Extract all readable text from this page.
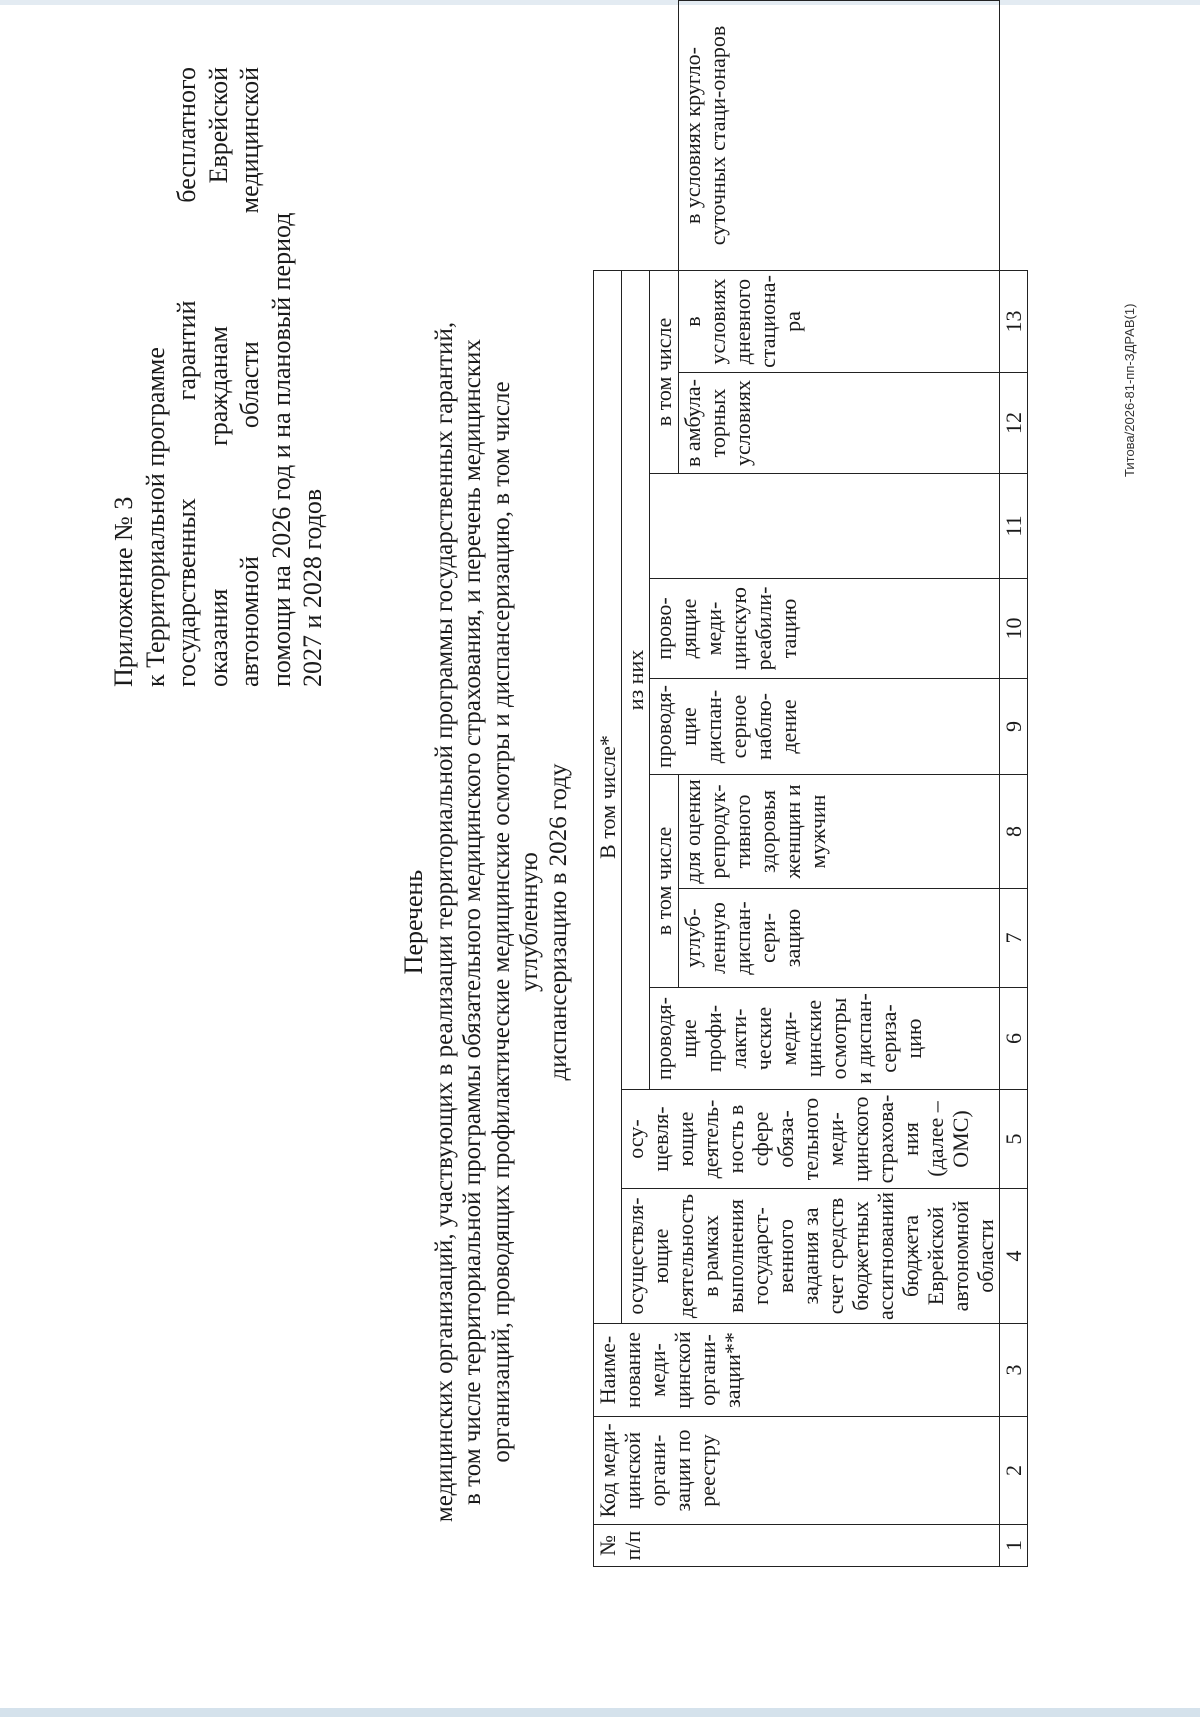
Приложение № 3 к Территориальной программе государственных
гарантий
бесплатного
оказания
гражданам
Еврейской
автономной
области
медицинской
помощи на 2026 год и на плановый период 2027 и 2028 годов
Перечень медицинских организаций, участвующих в реализации территориальной программы государственных гарантий, в том числе территориальной программы обязательного медицинского страхования, и перечень медицинских организаций, проводящих профилактические медицинские осмотры и диспансеризацию, в том числе углубленную диспансеризацию в 2026 году
№ п/п	Код меди-цинской органи-зации по реестру	Наиме-нование меди-цинской органи-зации**	В том числе*										
			осуществля-ющие деятельность в рамках выполнения государст-венного задания за счет средств бюджетных ассигнований бюджета Еврейской автономной области	осу-щевля-ющие деятель-ность в сфере обяза-тельного меди-цинского страхова-ния (далее – ОМС)	из них								
					проводя-щие профи-лакти-ческие меди-цинские осмотры и диспан-сериза-цию	в том числе		проводя-щие диспан-серное наблю-дение	прово-дящие меди-цинскую реабили-тацию		в том числе		
						углуб-ленную диспан-сери-зацию	для оценки репродук-тивного здоровья женщин и мужчин				в амбула-торных условиях	в условиях дневного стациона-ра	в условиях кругло-суточных стаци-онаров
1	2	3	4	5	6	7	8	9	10	11	12	13		Титова/2026-81-пп-ЗДРАВ(1)
